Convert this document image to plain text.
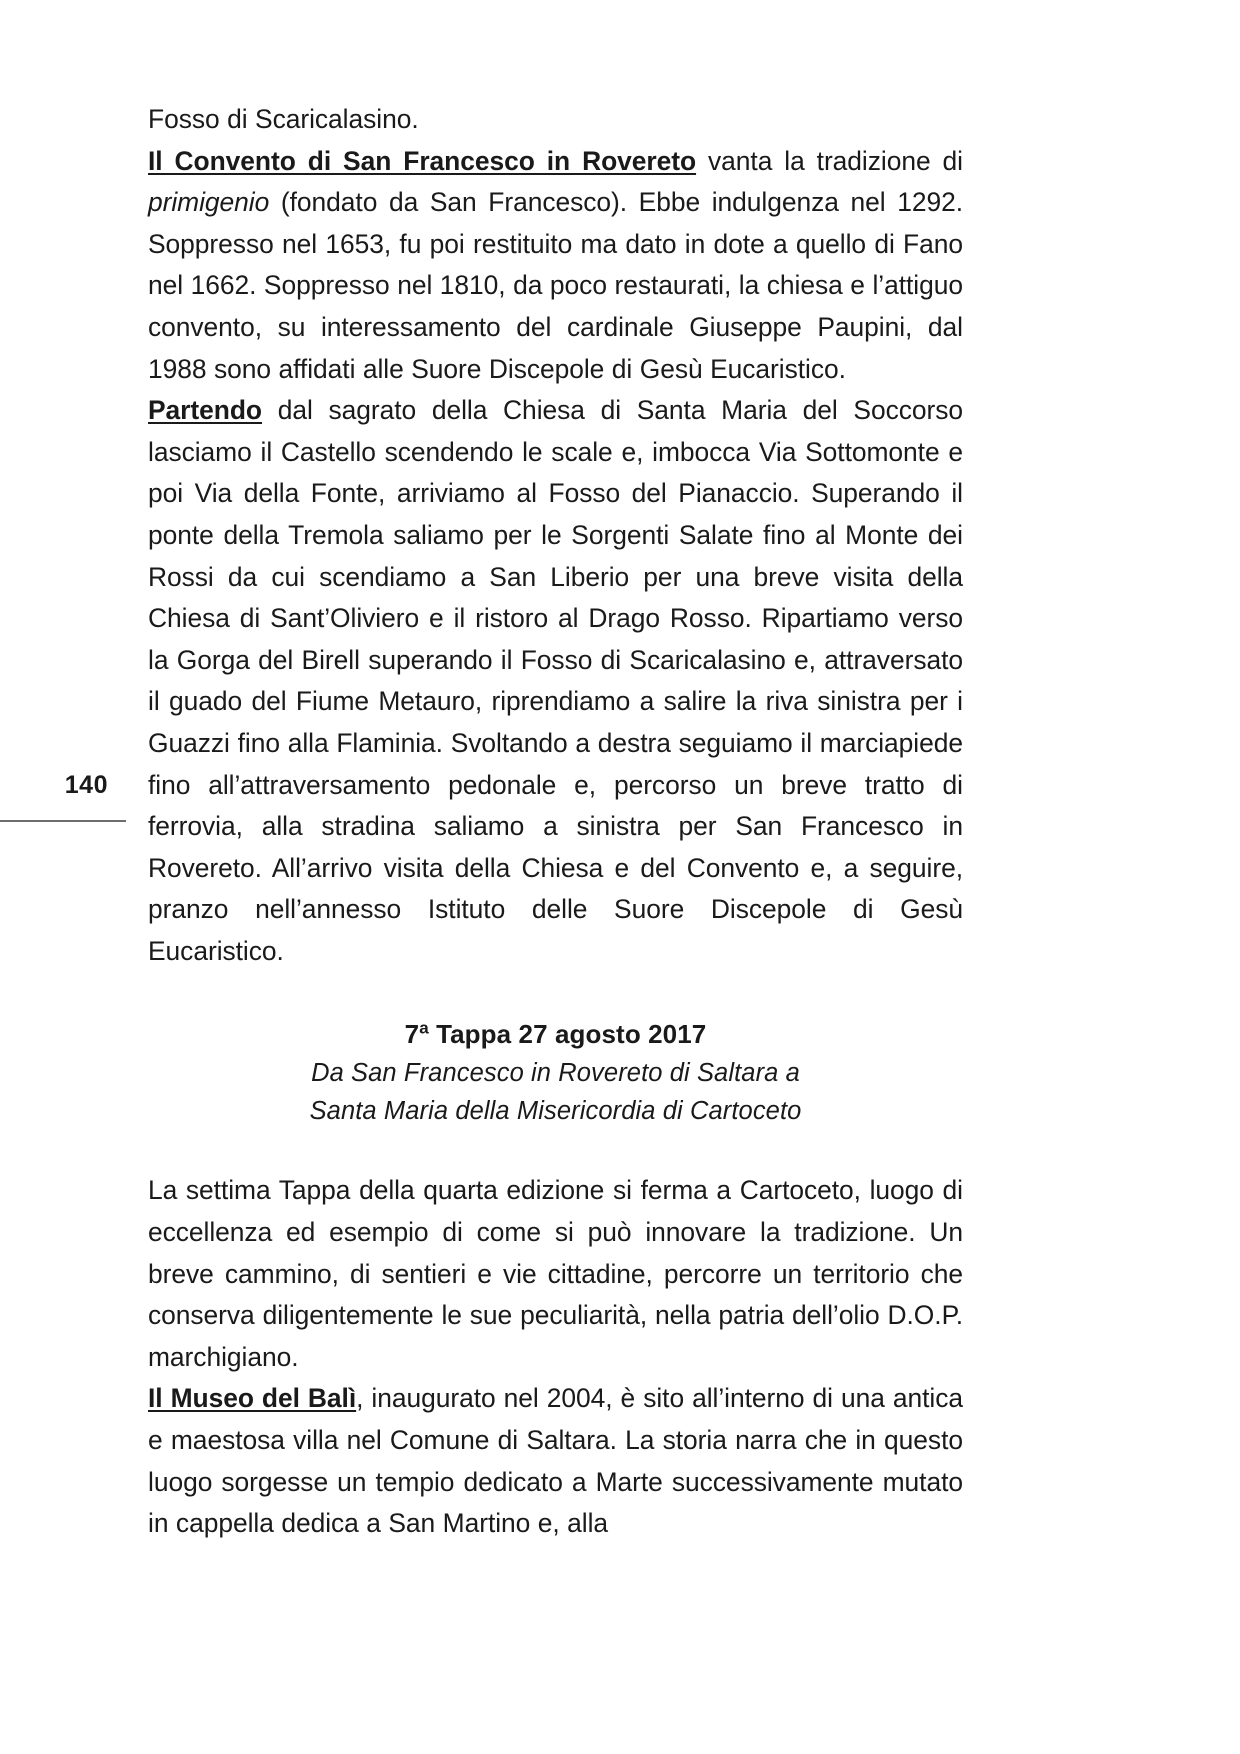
140

Fosso di Scaricalasino.
Il Convento di San Francesco in Rovereto vanta la tradizione di primigenio (fondato da San Francesco). Ebbe indulgenza nel 1292. Soppresso nel 1653, fu poi restituito ma dato in dote a quello di Fano nel 1662. Soppresso nel 1810, da poco restaurati, la chiesa e l’attiguo convento, su interessamento del cardinale Giuseppe Paupini, dal 1988 sono affidati alle Suore Discepole di Gesù Eucaristico.

Partendo dal sagrato della Chiesa di Santa Maria del Soccorso lasciamo il Castello scendendo le scale e, imbocca Via Sottomonte e poi Via della Fonte, arriviamo al Fosso del Pianaccio. Superando il ponte della Tremola saliamo per le Sorgenti Salate fino al Monte dei Rossi da cui scendiamo a San Liberio per una breve visita della Chiesa di Sant’Oliviero e il ristoro al Drago Rosso. Ripartiamo verso la Gorga del Birell superando il Fosso di Scaricalasino e, attraversato il guado del Fiume Metauro, riprendiamo a salire la riva sinistra per i Guazzi fino alla Flaminia. Svoltando a destra seguiamo il marciapiede fino all’attraversamento pedonale e, percorso un breve tratto di ferrovia, alla stradina saliamo a sinistra per San Francesco in Rovereto. All’arrivo visita della Chiesa e del Convento e, a seguire, pranzo nell’annesso Istituto delle Suore Discepole di Gesù Eucaristico.

7$^a$ Tappa 27 agosto 2017
Da San Francesco in Rovereto di Saltara a
Santa Maria della Misericordia di Cartoceto

La settima Tappa della quarta edizione si ferma a Cartoceto, luogo di eccellenza ed esempio di come si può innovare la tradizione. Un breve cammino, di sentieri e vie cittadine, percorre un territorio che conserva diligentemente le sue peculiarità, nella patria dell’olio D.O.P. marchigiano.

Il Museo del Balì, inaugurato nel 2004, è sito all’interno di una antica e maestosa villa nel Comune di Saltara. La storia narra che in questo luogo sorgesse un tempio dedicato a Marte successivamente mutato in cappella dedica a San Martino e, alla
